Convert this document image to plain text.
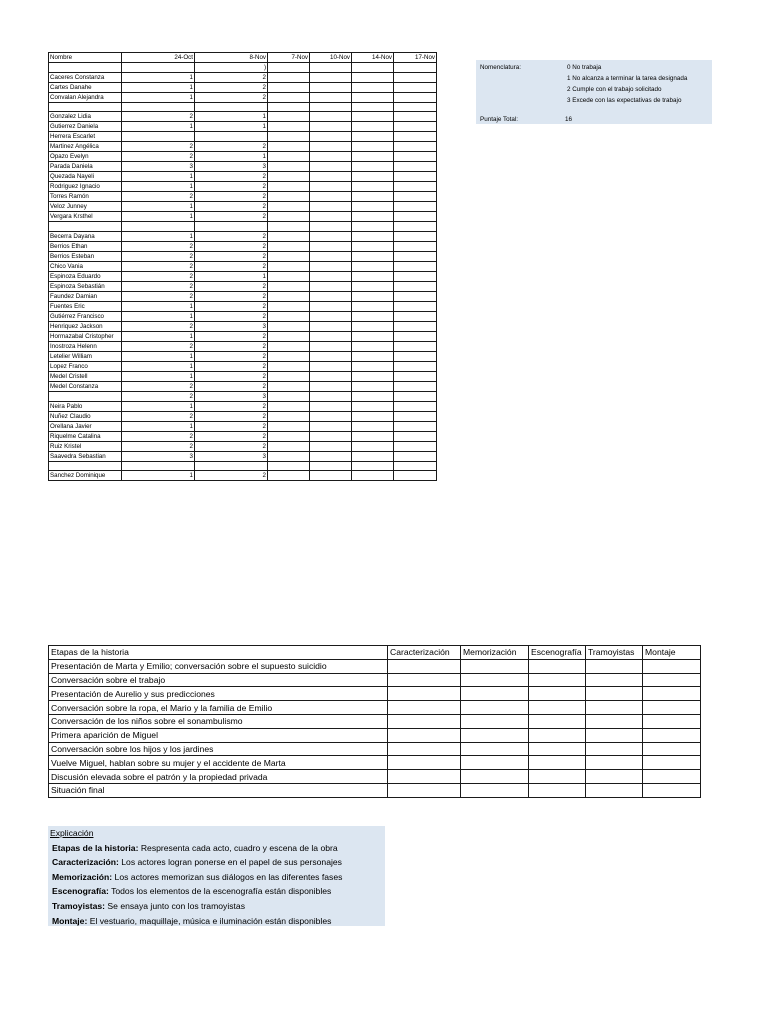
Nombre	24-Oct	8-Nov	7-Nov	10-Nov	14-Nov	17-Nov
		)				
Caceres Constanza	1	2				
Cartes Danahe	1	2				
Convalan Alejandra	1	2				

Gonzalez Lidia	2	1				
Gutierrez Daniela	1	1				
Herrera Escarlet						
Martinez Angélica	2	2				
Opazo Evelyn	2	1				
Parada Daniela	3	3				
Quezada Nayeli	1	2				
Rodriguez Ignacio	1	2				
Torres Ramón	2	2				
Veloz Junney	1	2				
Vergara Krsthel	1	2				

Becerra Dayana	1	2				
Berrios Ethan	2	2				
Berrios Esteban	2	2				
Chico Vania	2	2				
Espinoza Eduardo	2	1				
Espinoza Sebastián	2	2				
Faundez Damian	2	2				
Fuentes Eric	1	2				
Gutiérrez Francisco	1	2				
Henriquez Jackson	2	3				
Hormazabal Cristopher	1	2				
Inostroza Helenn	2	2				
Letelier William	1	2				
Lopez Franco	1	2				
Medel Cristell	1	2				
Medel Constanza	2	2				
	2	3				
Neira Pablo	1	2				
Nuñez Claudio	2	2				
Orellana Javier	1	2				
Riquelme Catalina	2	2				
Ruiz Kristel	2	2				
Saavedra Sebastian	3	3				

Sanchez Dominique	1	2				
Nomenclatura:	0 No trabaja
1 No alcanza a terminar la tarea designada
2 Cumple con el trabajo solicitado
3 Excede con las expectativas de trabajo
Puntaje Total:	16
Etapas de la historia	Caracterización	Memorización	Escenografía	Tramoyistas	Montaje
Presentación de Marta y Emilio; conversación sobre el supuesto suicidio					
Conversación sobre el trabajo					
Presentación de Aurelio y sus predicciones					
Conversación sobre la ropa, el Mario y la familia de Emilio					
Conversación de los niños sobre el sonambulismo					
Primera aparición de Miguel					
Conversación sobre los hijos y los jardines					
Vuelve Miguel, hablan sobre su mujer y el accidente de Marta					
Discusión elevada sobre el patrón y la propiedad privada					
Situación final					
Explicación
Etapas de la historia: Respresenta cada acto, cuadro y escena de la obra
Caracterización: Los actores logran ponerse en el papel de sus personajes
Memorización: Los actores memorizan sus diálogos en las diferentes fases
Escenografía: Todos los elementos de la escenografía están disponibles
Tramoyistas: Se ensaya junto con los tramoyistas
Montaje: El vestuario, maquillaje, música e iluminación están disponibles
